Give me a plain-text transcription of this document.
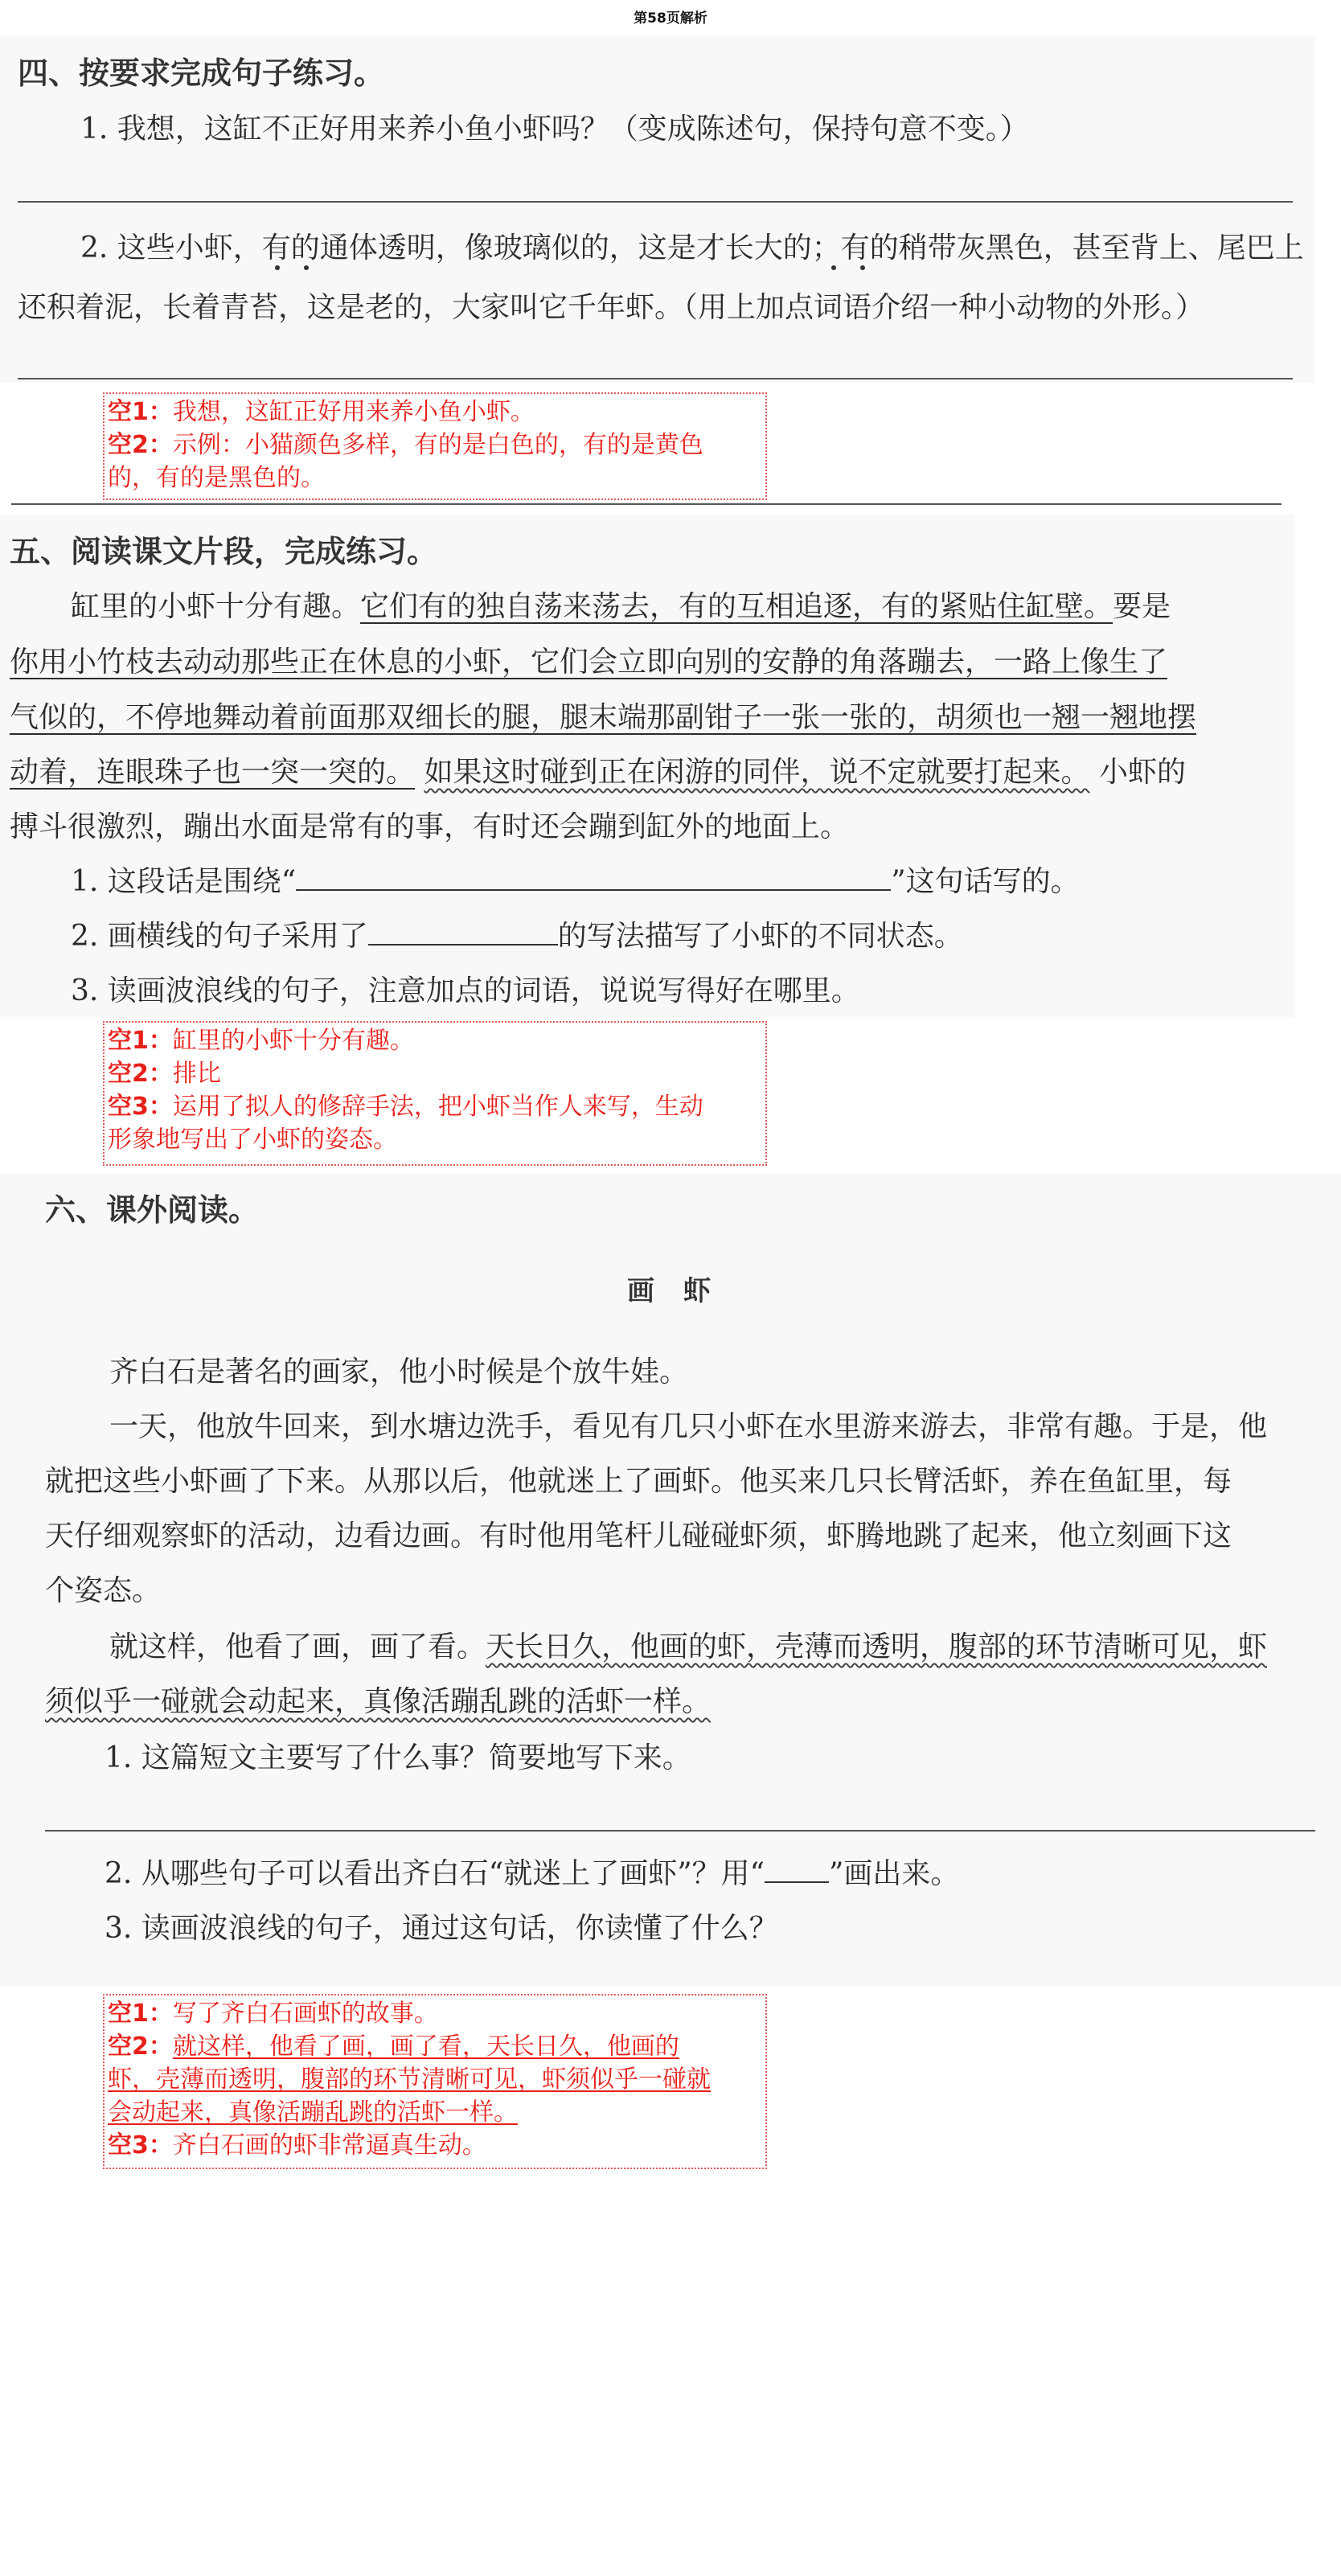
第58页解析
四、按要求完成句子练习。
1. 我想，这缸不正好用来养小鱼小虾吗？（变成陈述句，保持句意不变。）
2. 这些小虾，有的通体透明，像玻璃似的，这是才长大的；有的稍带灰黑色，甚至背上、尾巴上
还积着泥，长着青苔，这是老的，大家叫它千年虾。（用上加点词语介绍一种小动物的外形。）
空1：我想，这缸正好用来养小鱼小虾。
空2：示例：小猫颜色多样，有的是白色的，有的是黄色
的，有的是黑色的。
五、阅读课文片段，完成练习。
缸里的小虾十分有趣。它们有的独自荡来荡去，有的互相追逐，有的紧贴住缸壁。要是
你用小竹枝去动动那些正在休息的小虾，它们会立即向别的安静的角落蹦去，一路上像生了
气似的，不停地舞动着前面那双细长的腿，腿末端那副钳子一张一张的，胡须也一翘一翘地摆
动着，连眼珠子也一突一突的。 如果这时碰到正在闲游的同伴，说不定就要打起来。 小虾的
搏斗很激烈，蹦出水面是常有的事，有时还会蹦到缸外的地面上。
1. 这段话是围绕“	”这句话写的。
2. 画横线的句子采用了	的写法描写了小虾的不同状态。
3. 读画波浪线的句子，注意加点的词语，说说写得好在哪里。
空1：缸里的小虾十分有趣。
空2：排比
空3：运用了拟人的修辞手法，把小虾当作人来写，生动
形象地写出了小虾的姿态。
六、课外阅读。
画虾
齐白石是著名的画家，他小时候是个放牛娃。
一天，他放牛回来，到水塘边洗手，看见有几只小虾在水里游来游去，非常有趣。于是，他
就把这些小虾画了下来。从那以后，他就迷上了画虾。他买来几只长臂活虾，养在鱼缸里，每
天仔细观察虾的活动，边看边画。有时他用笔杆儿碰碰虾须，虾腾地跳了起来，他立刻画下这
个姿态。
就这样，他看了画，画了看。天长日久，他画的虾，壳薄而透明，腹部的环节清晰可见，虾
须似乎一碰就会动起来，真像活蹦乱跳的活虾一样。
1. 这篇短文主要写了什么事？简要地写下来。
2. 从哪些句子可以看出齐白石“就迷上了画虾”？用“ ”画出来。
3. 读画波浪线的句子，通过这句话，你读懂了什么？
空1：写了齐白石画虾的故事。
空2：就这样，他看了画，画了看，天长日久，他画的
虾，壳薄而透明，腹部的环节清晰可见，虾须似乎一碰就
会动起来，真像活蹦乱跳的活虾一样。
空3：齐白石画的虾非常逼真生动。
